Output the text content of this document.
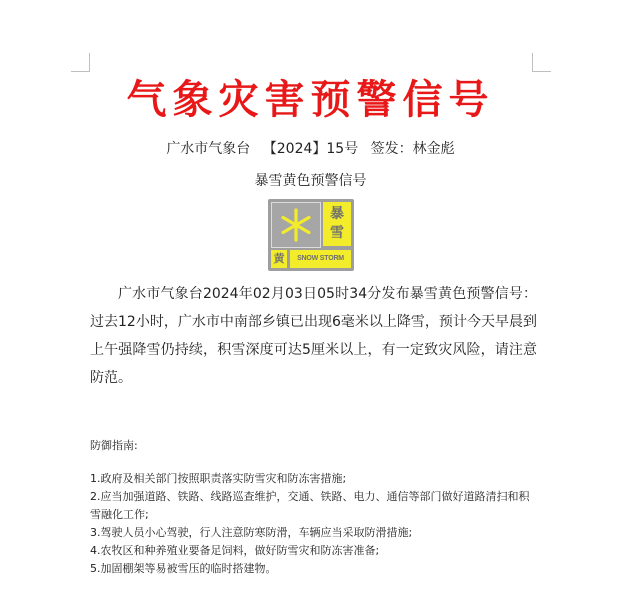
气象灾害预警信号
广水市气象台 【2024】15号 签发：林金彪
暴雪黄色预警信号
暴
雪
黄	SNOW STORM

广水市气象台2024年02月03日05时34分发布暴雪黄色预警信号：过去12小时，广水市中南部乡镇已出现6毫米以上降雪，预计今天早晨到上午强降雪仍持续，积雪深度可达5厘米以上，有一定致灾风险，请注意防范。

防御指南:

1.政府及相关部门按照职责落实防雪灾和防冻害措施;
2.应当加强道路、铁路、线路巡查维护，交通、铁路、电力、通信等部门做好道路清扫和积雪融化工作;
3.驾驶人员小心驾驶，行人注意防寒防滑，车辆应当采取防滑措施;
4.农牧区和种养殖业要备足饲料，做好防雪灾和防冻害准备;
5.加固棚架等易被雪压的临时搭建物。
